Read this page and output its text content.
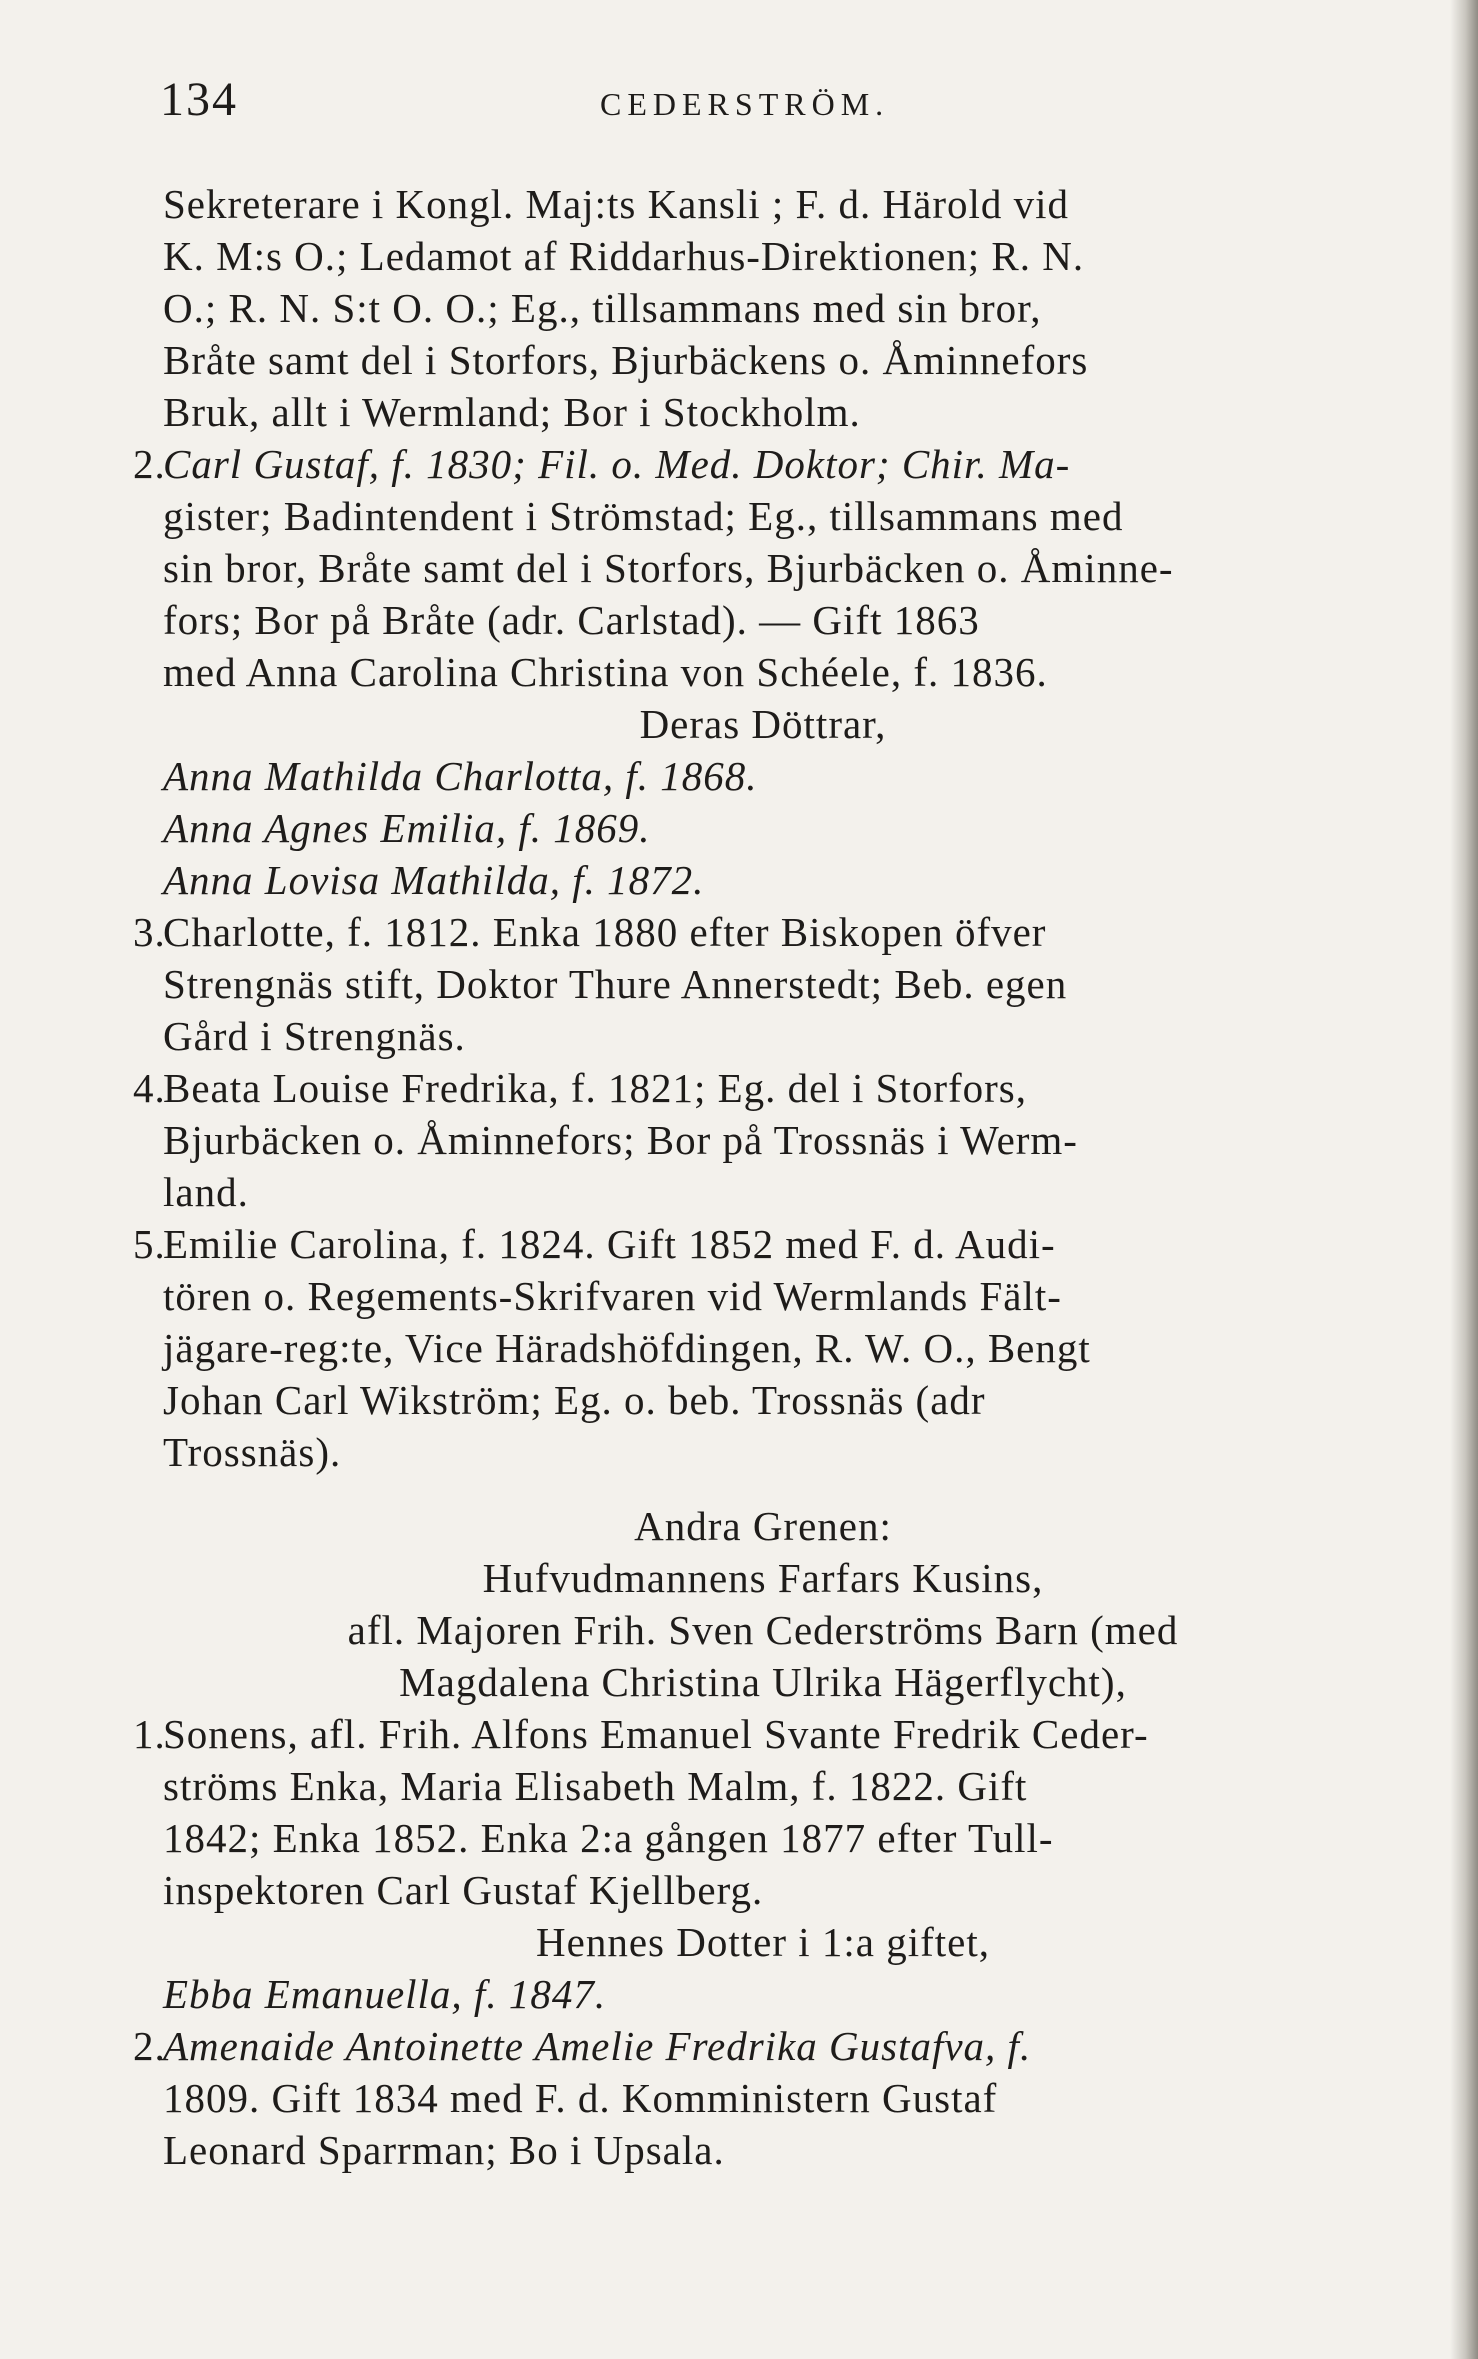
134	CEDERSTRÖM.
Sekreterare i Kongl. Maj:ts Kansli ; F. d. Härold vid
K. M:s O.; Ledamot af Riddarhus-Direktionen; R. N.
O.; R. N. S:t O. O.; Eg., tillsammans med sin bror,
Bråte samt del i Storfors, Bjurbäckens o. Åminnefors
Bruk, allt i Wermland; Bor i Stockholm.
2.Carl Gustaf, f. 1830; Fil. o. Med. Doktor; Chir. Ma-
gister; Badintendent i Strömstad; Eg., tillsammans med
sin bror, Bråte samt del i Storfors, Bjurbäcken o. Åminne-
fors; Bor på Bråte (adr. Carlstad). — Gift 1863
med Anna Carolina Christina von Schéele, f. 1836.
Deras Döttrar,
Anna Mathilda Charlotta, f. 1868.
Anna Agnes Emilia, f. 1869.
Anna Lovisa Mathilda, f. 1872.
3.Charlotte, f. 1812. Enka 1880 efter Biskopen öfver
Strengnäs stift, Doktor Thure Annerstedt; Beb. egen
Gård i Strengnäs.
4.Beata Louise Fredrika, f. 1821; Eg. del i Storfors,
Bjurbäcken o. Åminnefors; Bor på Trossnäs i Werm-
land.
5.Emilie Carolina, f. 1824. Gift 1852 med F. d. Audi-
tören o. Regements-Skrifvaren vid Wermlands Fält-
jägare-reg:te, Vice Häradshöfdingen, R. W. O., Bengt
Johan Carl Wikström; Eg. o. beb. Trossnäs (adr
Trossnäs).
Andra Grenen:
Hufvudmannens Farfars Kusins,
afl. Majoren Frih. Sven Cederströms Barn (med
Magdalena Christina Ulrika Hägerflycht),
1.Sonens, afl. Frih. Alfons Emanuel Svante Fredrik Ceder-
ströms Enka, Maria Elisabeth Malm, f. 1822. Gift
1842; Enka 1852. Enka 2:a gången 1877 efter Tull-
inspektoren Carl Gustaf Kjellberg.
Hennes Dotter i 1:a giftet,
Ebba Emanuella, f. 1847.
2.Amenaide Antoinette Amelie Fredrika Gustafva, f.
1809. Gift 1834 med F. d. Komministern Gustaf
Leonard Sparrman; Bo i Upsala.
